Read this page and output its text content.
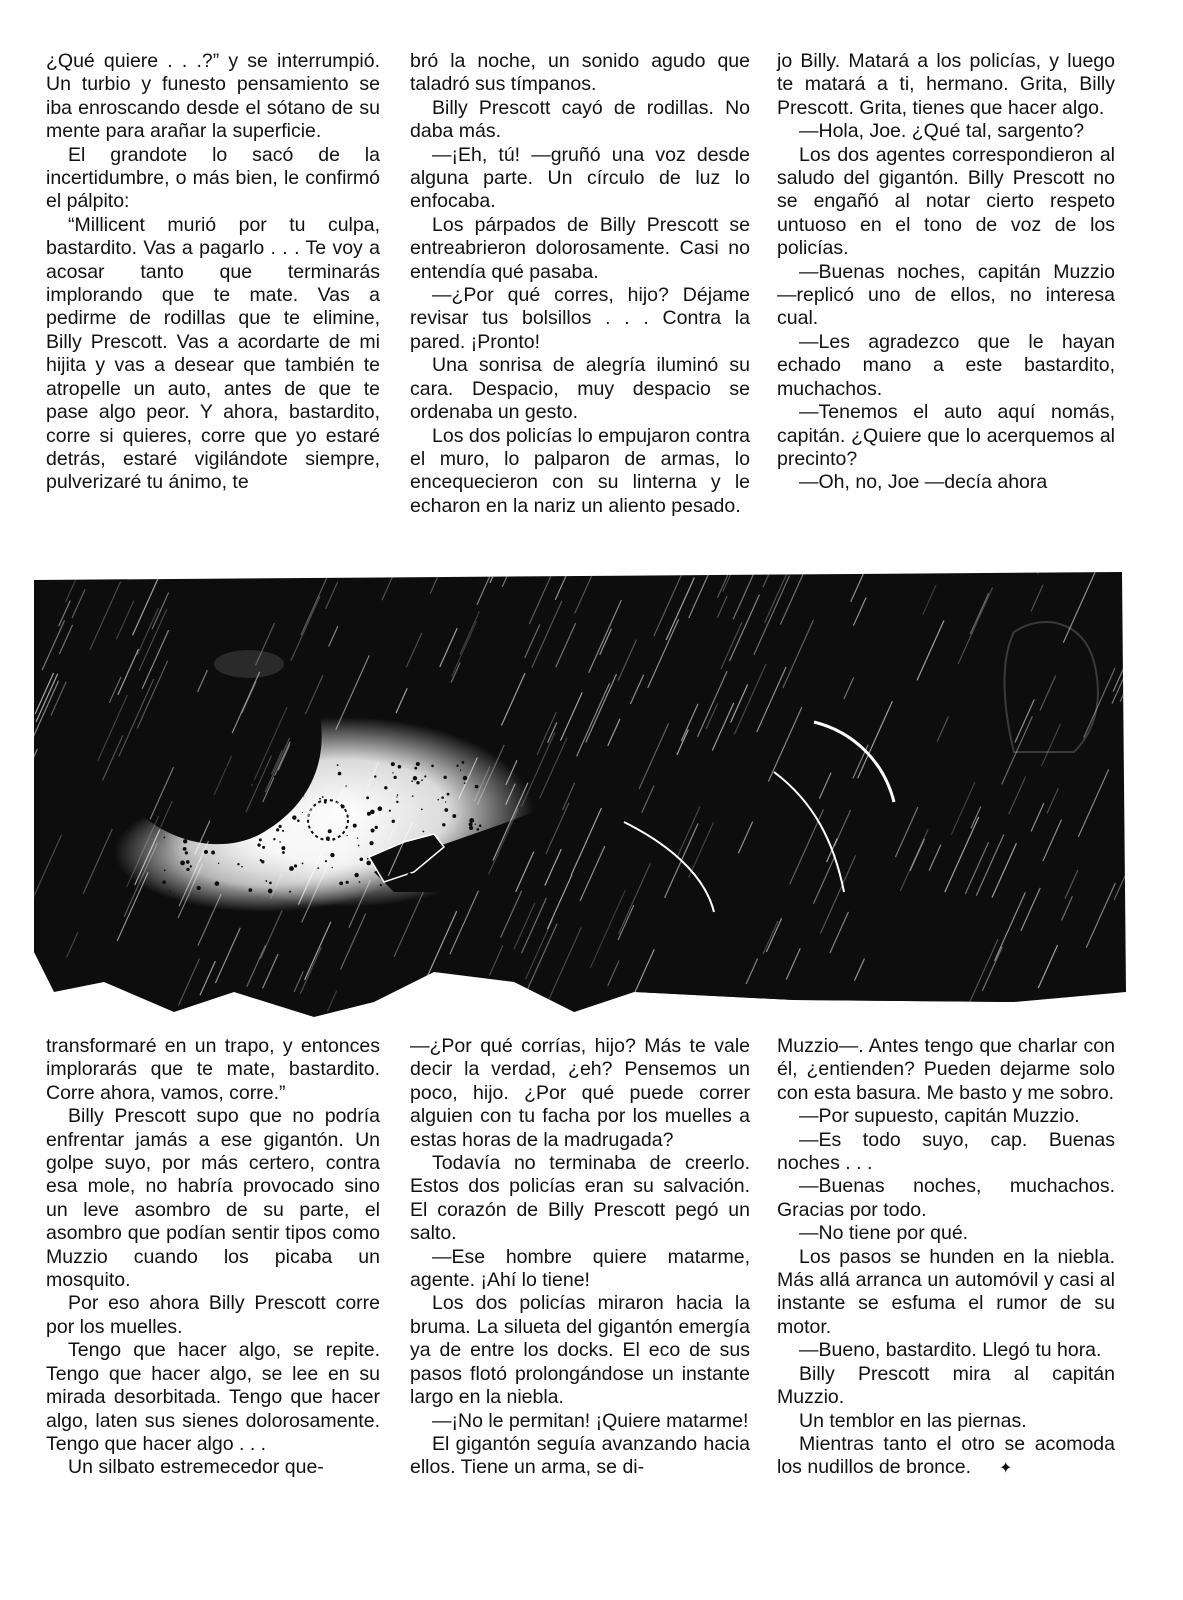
¿Qué quiere . . .?” y se interrumpió. Un turbio y funesto pensamiento se iba enroscando desde el sótano de su mente para arañar la superficie.

El grandote lo sacó de la incertidumbre, o más bien, le confirmó el pálpito:

“Millicent murió por tu culpa, bastardito. Vas a pagarlo . . . Te voy a acosar tanto que terminarás implorando que te mate. Vas a pedirme de rodillas que te elimine, Billy Prescott. Vas a acordarte de mi hijita y vas a desear que también te atropelle un auto, antes de que te pase algo peor. Y ahora, bastardito, corre si quieres, corre que yo estaré detrás, estaré vigilándote siempre, pulverizaré tu ánimo, te

bró la noche, un sonido agudo que taladró sus tímpanos.

Billy Prescott cayó de rodillas. No daba más.

—¡Eh, tú! —gruñó una voz desde alguna parte. Un círculo de luz lo enfocaba.

Los párpados de Billy Prescott se entreabrieron dolorosamente. Casi no entendía qué pasaba.

—¿Por qué corres, hijo? Déjame revisar tus bolsillos . . . Contra la pared. ¡Pronto!

Una sonrisa de alegría iluminó su cara. Despacio, muy despacio se ordenaba un gesto.

Los dos policías lo empujaron contra el muro, lo palparon de armas, lo encequecieron con su linterna y le echaron en la nariz un aliento pesado.

jo Billy. Matará a los policías, y luego te matará a ti, hermano. Grita, Billy Prescott. Grita, tienes que hacer algo.

—Hola, Joe. ¿Qué tal, sargento?

Los dos agentes correspondieron al saludo del gigantón. Billy Prescott no se engañó al notar cierto respeto untuoso en el tono de voz de los policías.

—Buenas noches, capitán Muzzio —replicó uno de ellos, no interesa cual.

—Les agradezco que le hayan echado mano a este bastardito, muchachos.

—Tenemos el auto aquí nomás, capitán. ¿Quiere que lo acerquemos al precinto?

—Oh, no, Joe —decía ahora

transformaré en un trapo, y entonces implorarás que te mate, bastardito. Corre ahora, vamos, corre.”

Billy Prescott supo que no podría enfrentar jamás a ese gigantón. Un golpe suyo, por más certero, contra esa mole, no habría provocado sino un leve asombro de su parte, el asombro que podían sentir tipos como Muzzio cuando los picaba un mosquito.

Por eso ahora Billy Prescott corre por los muelles.

Tengo que hacer algo, se repite. Tengo que hacer algo, se lee en su mirada desorbitada. Tengo que hacer algo, laten sus sienes dolorosamente. Tengo que hacer algo . . .

Un silbato estremecedor que-

—¿Por qué corrías, hijo? Más te vale decir la verdad, ¿eh? Pensemos un poco, hijo. ¿Por qué puede correr alguien con tu facha por los muelles a estas horas de la madrugada?

Todavía no terminaba de creerlo. Estos dos policías eran su salvación. El corazón de Billy Prescott pegó un salto.

—Ese hombre quiere matarme, agente. ¡Ahí lo tiene!

Los dos policías miraron hacia la bruma. La silueta del gigantón emergía ya de entre los docks. El eco de sus pasos flotó prolongándose un instante largo en la niebla.

—¡No le permitan! ¡Quiere matarme!

El gigantón seguía avanzando hacia ellos. Tiene un arma, se di-

Muzzio—. Antes tengo que charlar con él, ¿entienden? Pueden dejarme solo con esta basura. Me basto y me sobro.

—Por supuesto, capitán Muzzio.

—Es todo suyo, cap. Buenas noches . . .

—Buenas noches, muchachos. Gracias por todo.

—No tiene por qué.

Los pasos se hunden en la niebla. Más allá arranca un automóvil y casi al instante se esfuma el rumor de su motor.

—Bueno, bastardito. Llegó tu hora.

Billy Prescott mira al capitán Muzzio.

Un temblor en las piernas.

Mientras tanto el otro se acomoda los nudillos de bronce. ✦
